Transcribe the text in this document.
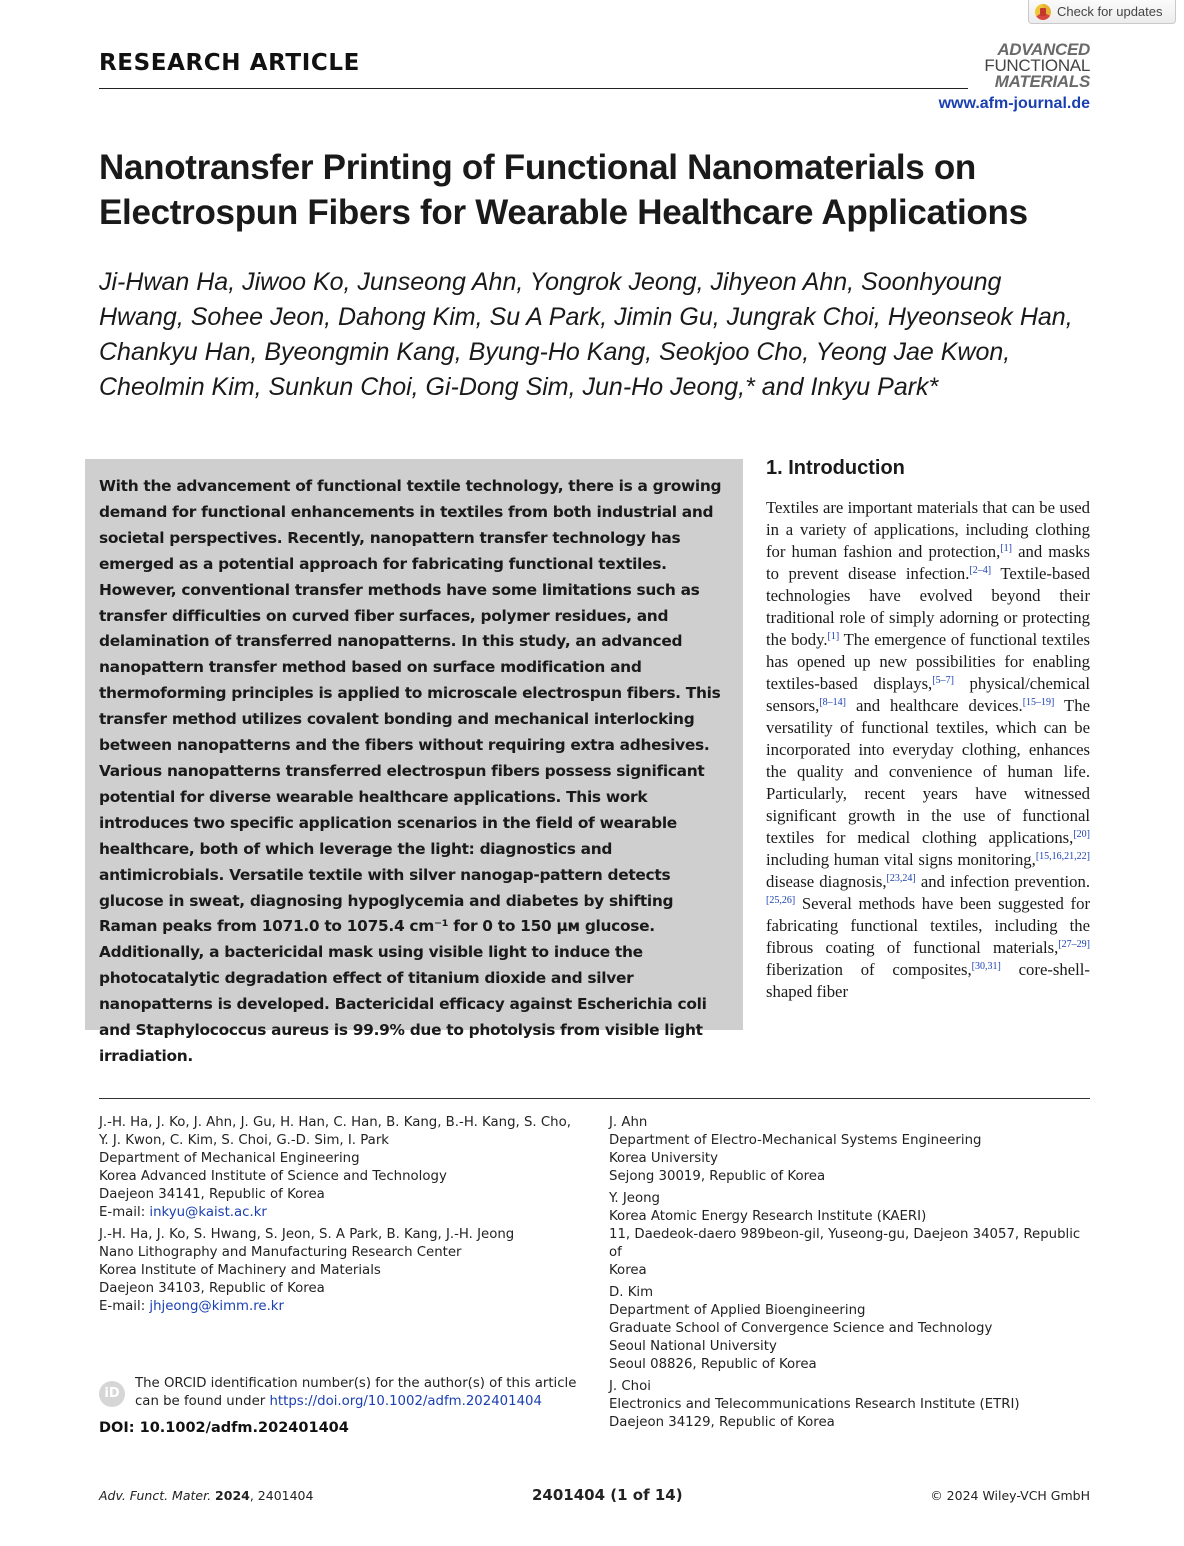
Check for updates
RESEARCH ARTICLE
ADVANCED
FUNCTIONAL
MATERIALS
www.afm-journal.de
Nanotransfer Printing of Functional Nanomaterials on Electrospun Fibers for Wearable Healthcare Applications

Ji-Hwan Ha, Jiwoo Ko, Junseong Ahn, Yongrok Jeong, Jihyeon Ahn, Soonhyoung Hwang, Sohee Jeon, Dahong Kim, Su A Park, Jimin Gu, Jungrak Choi, Hyeonseok Han, Chankyu Han, Byeongmin Kang, Byung-Ho Kang, Seokjoo Cho, Yeong Jae Kwon, Cheolmin Kim, Sunkun Choi, Gi-Dong Sim, Jun-Ho Jeong,* and Inkyu Park*

With the advancement of functional textile technology, there is a growing demand for functional enhancements in textiles from both industrial and societal perspectives. Recently, nanopattern transfer technology has emerged as a potential approach for fabricating functional textiles. However, conventional transfer methods have some limitations such as transfer difficulties on curved fiber surfaces, polymer residues, and delamination of transferred nanopatterns. In this study, an advanced nanopattern transfer method based on surface modification and thermoforming principles is applied to microscale electrospun fibers. This transfer method utilizes covalent bonding and mechanical interlocking between nanopatterns and the fibers without requiring extra adhesives. Various nanopatterns transferred electrospun fibers possess significant potential for diverse wearable healthcare applications. This work introduces two specific application scenarios in the field of wearable healthcare, both of which leverage the light: diagnostics and antimicrobials. Versatile textile with silver nanogap-pattern detects glucose in sweat, diagnosing hypoglycemia and diabetes by shifting Raman peaks from 1071.0 to 1075.4 cm⁻¹ for 0 to 150 µм glucose. Additionally, a bactericidal mask using visible light to induce the photocatalytic degradation effect of titanium dioxide and silver nanopatterns is developed. Bactericidal efficacy against Escherichia coli and Staphylococcus aureus is 99.9% due to photolysis from visible light irradiation.

1. Introduction

Textiles are important materials that can be used in a variety of applications, including clothing for human fashion and protection,[1] and masks to prevent disease infection.[2–4] Textile-based technologies have evolved beyond their traditional role of simply adorning or protecting the body.[1] The emergence of functional textiles has opened up new possibilities for enabling textiles-based displays,[5–7] physical/chemical sensors,[8–14] and healthcare devices.[15–19] The versatility of functional textiles, which can be incorporated into everyday clothing, enhances the quality and convenience of human life. Particularly, recent years have witnessed significant growth in the use of functional textiles for medical clothing applications,[20] including human vital signs monitoring,[15,16,21,22] disease diagnosis,[23,24] and infection prevention.[25,26] Several methods have been suggested for fabricating functional textiles, including the fibrous coating of functional materials,[27–29] fiberization of composites,[30,31] core-shell-shaped fiber

J.-H. Ha, J. Ko, J. Ahn, J. Gu, H. Han, C. Han, B. Kang, B.-H. Kang, S. Cho,

Y. J. Kwon, C. Kim, S. Choi, G.-D. Sim, I. Park

Department of Mechanical Engineering

Korea Advanced Institute of Science and Technology

Daejeon 34141, Republic of Korea

E-mail: inkyu@kaist.ac.kr

J.-H. Ha, J. Ko, S. Hwang, S. Jeon, S. A Park, B. Kang, J.-H. Jeong

Nano Lithography and Manufacturing Research Center

Korea Institute of Machinery and Materials

Daejeon 34103, Republic of Korea

E-mail: jhjeong@kimm.re.kr

J. Ahn

Department of Electro-Mechanical Systems Engineering

Korea University

Sejong 30019, Republic of Korea

Y. Jeong

Korea Atomic Energy Research Institute (KAERI)

11, Daedeok-daero 989beon-gil, Yuseong-gu, Daejeon 34057, Republic of

Korea

D. Kim

Department of Applied Bioengineering

Graduate School of Convergence Science and Technology

Seoul National University

Seoul 08826, Republic of Korea

J. Choi

Electronics and Telecommunications Research Institute (ETRI)

Daejeon 34129, Republic of Korea

iD
The ORCID identification number(s) for the author(s) of this article can be found under https://doi.org/10.1002/adfm.202401404
DOI: 10.1002/adfm.202401404
Adv. Funct. Mater. 2024, 2401404	2401404 (1 of 14)	© 2024 Wiley-VCH GmbH
